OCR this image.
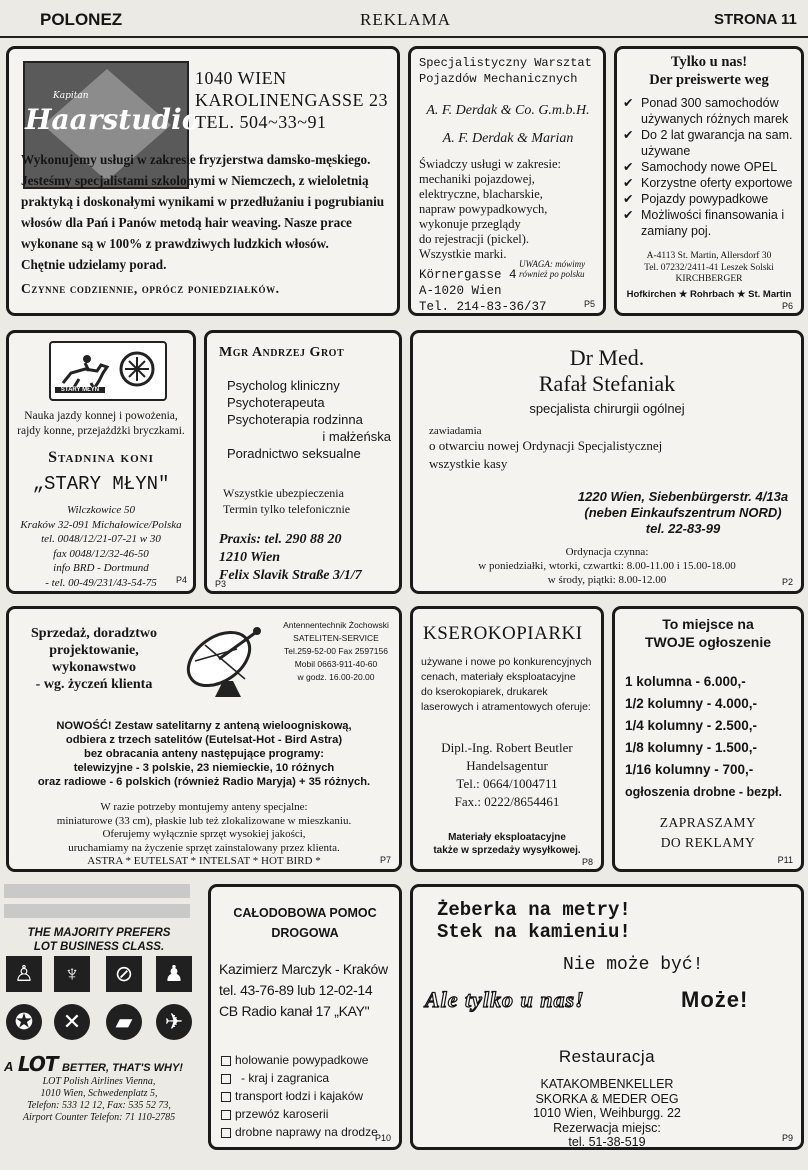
POLONEZ	REKLAMA	STRONA 11
Kapitan
Haarstudio
1040 WIEN
KAROLINENGASSE 23
TEL. 504~33~91
Wykonujemy usługi w zakresie fryzjerstwa damsko-męskiego.
Jesteśmy specjalistami szkolonymi w Niemczech, z wieloletnią
praktyką i doskonałymi wynikami w przedłużaniu i pogrubianiu
włosów dla Pań i Panów metodą hair weaving. Nasze prace
wykonane są w 100% z prawdziwych ludzkich włosów.
Chętnie udzielamy porad.
Czynne codziennie, oprócz poniedziałków.
Specjalistyczny Warsztat
Pojazdów Mechanicznych
A. F. Derdak & Co. G.m.b.H.
A. F. Derdak & Marian
Świadczy usługi w zakresie:
mechaniki pojazdowej,
elektryczne, blacharskie,
napraw powypadkowych,
wykonuje przeglądy
do rejestracji (pickel).
Wszystkie marki.
UWAGA: mówimy
również po polsku
Körnergasse 4
A-1020 Wien
Tel. 214-83-36/37	P5
Tylko u nas!
Der preiswerte weg
✔ Ponad 300 samochodów używanych różnych marek
✔ Do 2 lat gwarancja na sam. używane
✔ Samochody nowe OPEL
✔ Korzystne oferty exportowe
✔ Pojazdy powypadkowe
✔ Możliwości finansowania i zamiany poj.
A-4113 St. Martin, Allersdorf 30
Tel. 07232/2411-41 Leszek Solski
KIRCHBERGER
Hofkirchen ★ Rohrbach ★ St. Martin
P6
STARY MŁYN
Nauka jazdy konnej i powożenia,
rajdy konne, przejażdżki bryczkami.
Stadnina koni
„STARY MŁYN"
Wilczkowice 50
Kraków 32-091 Michałowice/Polska
tel. 0048/12/21-07-21 w 30
fax 0048/12/32-46-50
info BRD - Dortmund
- tel. 00-49/231/43-54-75	P4
Mgr Andrzej Grot
Psycholog kliniczny
Psychoterapeuta
Psychoterapia rodzinna
i małżeńska
Poradnictwo seksualne
Wszystkie ubezpieczenia
Termin tylko telefonicznie
Praxis: tel. 290 88 20
1210 Wien
Felix Slavik Straße 3/1/7
P3
Dr Med.
Rafał Stefaniak
specjalista chirurgii ogólnej
zawiadamia
o otwarciu nowej Ordynacji Specjalistycznej
wszystkie kasy
1220 Wien, Siebenbürgerstr. 4/13a
(neben Einkaufszentrum NORD)
tel. 22-83-99
Ordynacja czynna:
w poniedziałki, wtorki, czwartki: 8.00-11.00 i 15.00-18.00
w środy, piątki: 8.00-12.00	P2
Sprzedaż, doradztwo
projektowanie,
wykonawstwo
- wg. życzeń klienta
Antennentechnik Żochowski
SATELITEN-SERVICE
Tel.259-52-00 Fax 2597156
Mobil 0663-911-40-60
w godz. 16.00-20.00
NOWOŚĆ! Zestaw satelitarny z anteną wieloogniskową,
odbiera z trzech satelitów (Eutelsat-Hot - Bird Astra)
bez obracania anteny następujące programy:
telewizyjne - 3 polskie, 23 niemieckie, 10 różnych
oraz radiowe - 6 polskich (również Radio Maryja) + 35 różnych.
W razie potrzeby montujemy anteny specjalne:
miniaturowe (33 cm), płaskie lub też zlokalizowane w mieszkaniu.
Oferujemy wyłącznie sprzęt wysokiej jakości,
uruchamiamy na życzenie sprzęt zainstalowany przez klienta.
ASTRA * EUTELSAT * INTELSAT * HOT BIRD *	P7
KSEROKOPIARKI
używane i nowe po konkurencyjnych
cenach, materiały eksploatacyjne
do kserokopiarek, drukarek
laserowych i atramentowych oferuje:
Dipl.-Ing. Robert Beutler
Handelsagentur
Tel.: 0664/1004711
Fax.: 0222/8654461
Materiały eksploatacyjne
także w sprzedaży wysyłkowej.
P8
To miejsce na
TWOJE ogłoszenie
1 kolumna - 6.000,-
1/2 kolumny - 4.000,-
1/4 kolumny - 2.500,-
1/8 kolumny - 1.500,-
1/16 kolumny - 700,-
ogłoszenia drobne - bezpł.
ZAPRASZAMY
DO REKLAMY
P11
THE MAJORITY PREFERS
LOT BUSINESS CLASS.
♙	♆	⊘	♟
✪	✕	▰	✈
A LOT BETTER, THAT'S WHY!
LOT Polish Airlines Vienna,
1010 Wien, Schwedenplatz 5,
Telefon: 533 12 12, Fax: 535 52 73,
Airport Counter Telefon: 71 110-2785
CAŁODOBOWA POMOC
DROGOWA
Kazimierz Marczyk - Kraków
tel. 43-76-89 lub 12-02-14
CB Radio kanał 17 „KAY"
holowanie powypadkowe
- kraj i zagranica
transport łodzi i kajaków
przewóz karoserii
drobne naprawy na drodze
P10
Żeberka na metry!
Stek na kamieniu!
Nie może być!
Ale tylko u nas!	Może!
Restauracja
KATAKOMBENKELLER
SKORKA & MEDER OEG
1010 Wien, Weihburgg. 22
Rezerwacja miejsc:
tel. 51-38-519	P9
